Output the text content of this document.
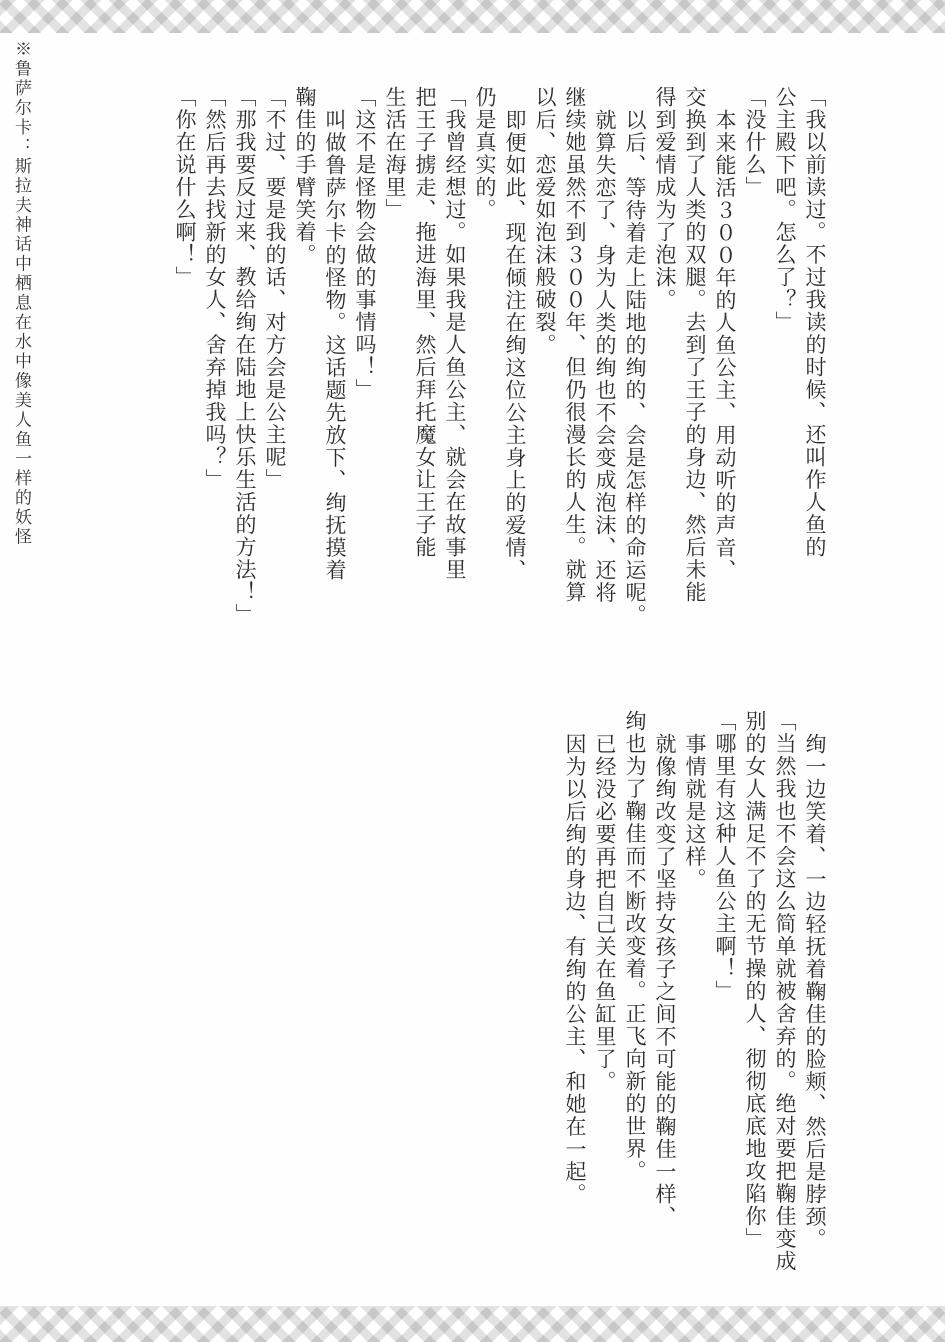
※鲁萨尔卡：斯拉夫神话中栖息在水中像美人鱼一样的妖怪	「我以前读过。不过我读的时候、还叫作人鱼的

公主殿下吧。怎么了？」

「没什么」

本来能活３００年的人鱼公主、用动听的声音、

交换到了人类的双腿。去到了王子的身边、然后未能

得到爱情成为了泡沫。

以后、等待着走上陆地的绚的、会是怎样的命运呢。

就算失恋了、身为人类的绚也不会变成泡沫、还将

继续她虽然不到３００年、但仍很漫长的人生。就算

以后、恋爱如泡沫般破裂。

即便如此、现在倾注在绚这位公主身上的爱情、

仍是真实的。

「我曾经想过。如果我是人鱼公主、就会在故事里

把王子掳走、拖进海里、然后拜托魔女让王子能

生活在海里」

「这不是怪物会做的事情吗！」

叫做鲁萨尔卡的怪物。这话题先放下、绚抚摸着

鞠佳的手臂笑着。

「不过、要是我的话、对方会是公主呢」

「那我要反过来、教给绚在陆地上快乐生活的方法！」

「然后再去找新的女人、舍弃掉我吗？」

「你在说什么啊！」

绚一边笑着、一边轻抚着鞠佳的脸颊、然后是脖颈。

「当然我也不会这么简单就被舍弃的。绝对要把鞠佳变成

别的女人满足不了的无节操的人、彻彻底底地攻陷你」

「哪里有这种人鱼公主啊！」

事情就是这样。

就像绚改变了坚持女孩子之间不可能的鞠佳一样、

绚也为了鞠佳而不断改变着。正飞向新的世界。

已经没必要再把自己关在鱼缸里了。

因为以后绚的身边、有绚的公主、和她在一起。
